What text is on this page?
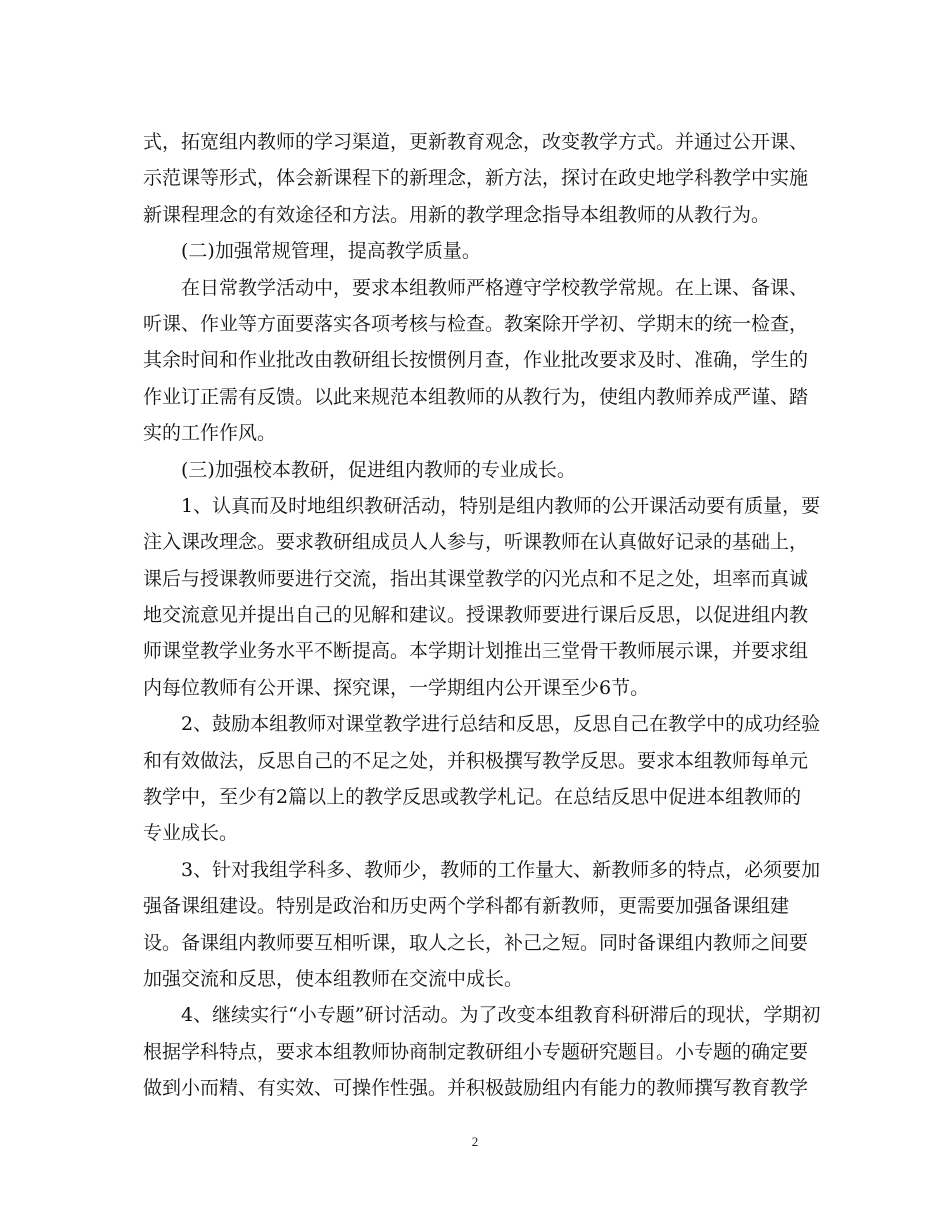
式，拓宽组内教师的学习渠道，更新教育观念，改变教学方式。并通过公开课、
示范课等形式，体会新课程下的新理念，新方法，探讨在政史地学科教学中实施
新课程理念的有效途径和方法。用新的教学理念指导本组教师的从教行为。
(二)加强常规管理，提高教学质量。
在日常教学活动中，要求本组教师严格遵守学校教学常规。在上课、备课、
听课、作业等方面要落实各项考核与检查。教案除开学初、学期末的统一检查，
其余时间和作业批改由教研组长按惯例月查，作业批改要求及时、准确，学生的
作业订正需有反馈。以此来规范本组教师的从教行为，使组内教师养成严谨、踏
实的工作作风。
(三)加强校本教研，促进组内教师的专业成长。
1、认真而及时地组织教研活动，特别是组内教师的公开课活动要有质量，要
注入课改理念。要求教研组成员人人参与，听课教师在认真做好记录的基础上，
课后与授课教师要进行交流，指出其课堂教学的闪光点和不足之处，坦率而真诚
地交流意见并提出自己的见解和建议。授课教师要进行课后反思，以促进组内教
师课堂教学业务水平不断提高。本学期计划推出三堂骨干教师展示课，并要求组
内每位教师有公开课、探究课，一学期组内公开课至少6节。
2、鼓励本组教师对课堂教学进行总结和反思，反思自己在教学中的成功经验
和有效做法，反思自己的不足之处，并积极撰写教学反思。要求本组教师每单元
教学中，至少有2篇以上的教学反思或教学札记。在总结反思中促进本组教师的
专业成长。
3、针对我组学科多、教师少，教师的工作量大、新教师多的特点，必须要加
强备课组建设。特别是政治和历史两个学科都有新教师，更需要加强备课组建
设。备课组内教师要互相听课，取人之长，补己之短。同时备课组内教师之间要
加强交流和反思，使本组教师在交流中成长。
4、继续实行“小专题”研讨活动。为了改变本组教育科研滞后的现状，学期初
根据学科特点，要求本组教师协商制定教研组小专题研究题目。小专题的确定要
做到小而精、有实效、可操作性强。并积极鼓励组内有能力的教师撰写教育教学
2
